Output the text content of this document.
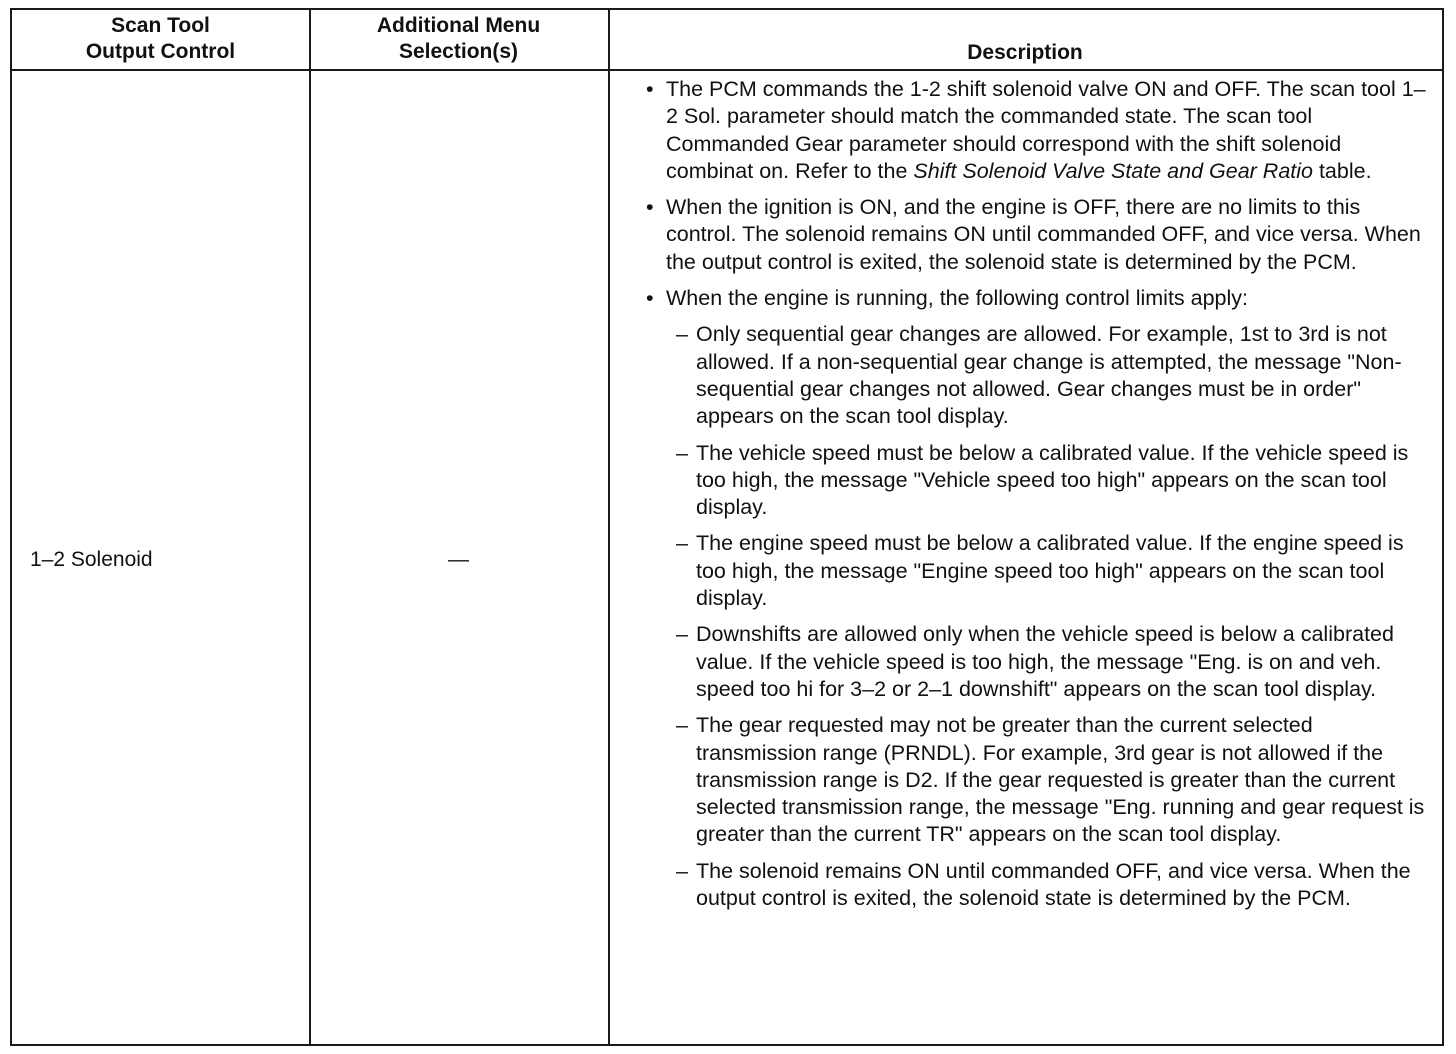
Scan Tool
Output Control
Additional Menu
Selection(s)	Description
1–2 Solenoid	—
• The PCM commands the 1-2 shift solenoid valve ON and OFF. The scan tool 1–2 Sol. parameter should match the commanded state. The scan tool Commanded Gear parameter should correspond with the shift solenoid combinat on. Refer to the Shift Solenoid Valve State and Gear Ratio table.
• When the ignition is ON, and the engine is OFF, there are no limits to this control. The solenoid remains ON until commanded OFF, and vice versa. When the output control is exited, the solenoid state is determined by the PCM.
• When the engine is running, the following control limits apply:
– Only sequential gear changes are allowed. For example, 1st to 3rd is not allowed. If a non-sequential gear change is attempted, the message "Non-sequential gear changes not allowed. Gear changes must be in order" appears on the scan tool display.
– The vehicle speed must be below a calibrated value. If the vehicle speed is too high, the message "Vehicle speed too high" appears on the scan tool display.
– The engine speed must be below a calibrated value. If the engine speed is too high, the message "Engine speed too high" appears on the scan tool display.
– Downshifts are allowed only when the vehicle speed is below a calibrated value. If the vehicle speed is too high, the message "Eng. is on and veh. speed too hi for 3–2 or 2–1 downshift" appears on the scan tool display.
– The gear requested may not be greater than the current selected transmission range (PRNDL). For example, 3rd gear is not allowed if the transmission range is D2. If the gear requested is greater than the current selected transmission range, the message "Eng. running and gear request is greater than the current TR" appears on the scan tool display.
– The solenoid remains ON until commanded OFF, and vice versa. When the output control is exited, the solenoid state is determined by the PCM.
